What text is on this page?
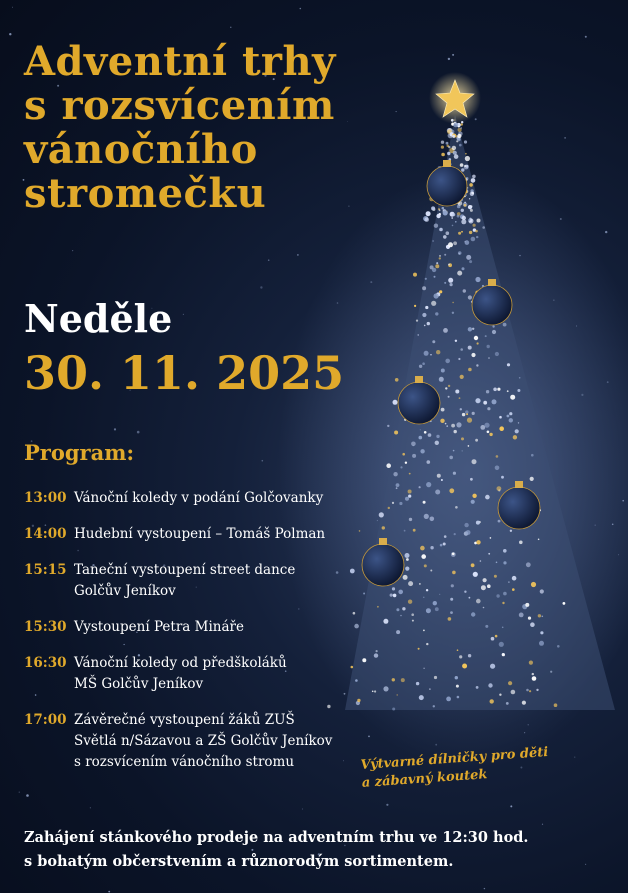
Adventní trhy
s rozsvícením
vánočního
stromečku
Neděle
30. 11. 2025
Program:
13:00 Vánoční koledy v podání Golčovanky
14:00 Hudební vystoupení – Tomáš Polman
15:15 Taneční vystoupení street dance
Golčův Jeníkov
15:30 Vystoupení Petra Mináře
16:30 Vánoční koledy od předškoláků
MŠ Golčův Jeníkov
17:00 Závěrečné vystoupení žáků ZUŠ
Světlá n/Sázavou a ZŠ Golčův Jeníkov
s rozsvícením vánočního stromu	Výtvarné dílničky pro děti
a zábavný koutek
Zahájení stánkového prodeje na adventním trhu ve 12:30 hod.
s bohatým občerstvením a různorodým sortimentem.
